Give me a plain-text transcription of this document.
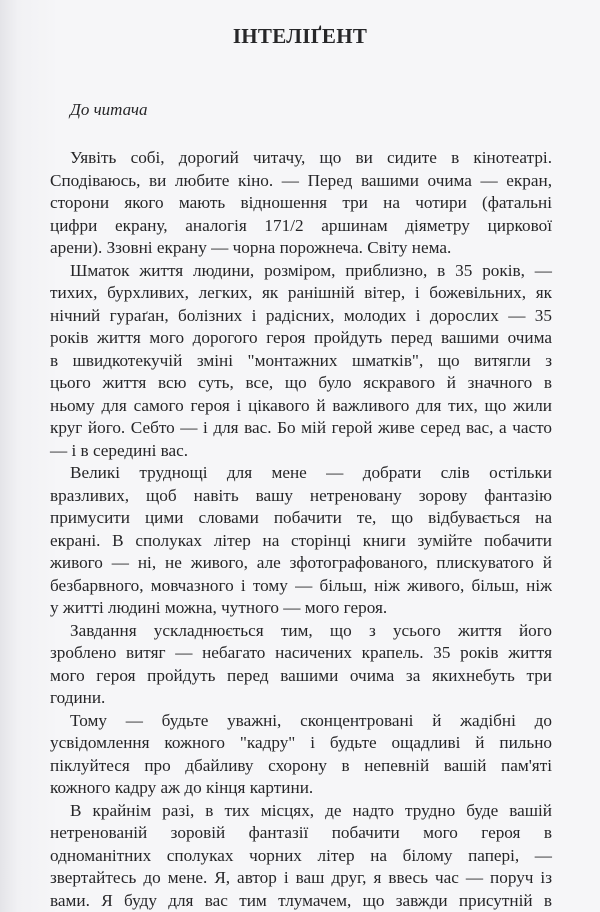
ІНТЕЛІҐЕНТ
До читача
Уявіть собі, дорогий читачу, що ви сидите в кінотеатрі.
Сподіваюсь, ви любите кіно. — Перед вашими очима — екран,
сторони якого мають відношення три на чотири (фатальні
цифри екрану, аналогія 171/2 аршинам діяметру циркової
арени). Ззовні екрану — чорна порожнеча. Світу нема.
Шматок життя людини, розміром, приблизно, в 35 років, —
тихих, бурхливих, легких, як ранішній вітер, і божевільних, як
нічний гураґан, болізних і радісних, молодих і дорослих — 35
років життя мого дорогого героя пройдуть перед вашими очима
в швидкотекучій зміні "монтажних шматків", що витягли з
цього життя всю суть, все, що було яскравого й значного в
ньому для самого героя і цікавого й важливого для тих, що жили
круг його. Себто — і для вас. Бо мій герой живе серед вас, а часто
— і в середині вас.
Великі труднощі для мене — добрати слів остільки
вразливих, щоб навіть вашу нетреновану зорову фантазію
примусити цими словами побачити те, що відбувається на
екрані. В сполуках літер на сторінці книги зумійте побачити
живого — ні, не живого, але зфотографованого, плискуватого й
безбарвного, мовчазного і тому — більш, ніж живого, більш, ніж
у житті людині можна, чутного — мого героя.
Завдання ускладнюється тим, що з усього життя його
зроблено витяг — небагато насичених крапель. 35 років життя
мого героя пройдуть перед вашими очима за якихнебуть три
години.
Тому — будьте уважні, сконцентровані й жадібні до
усвідомлення кожного "кадру" і будьте ощадливі й пильно
піклуйтеся про дбайливу схорону в непевній вашій пам'яті
кожного кадру аж до кінця картини.
В крайнім разі, в тих місцях, де надто трудно буде вашій
нетренованій зоровій фантазії побачити мого героя в
одноманітних сполуках чорних літер на білому папері, —
звертайтесь до мене. Я, автор і ваш друг, я ввесь час — поруч із
вами. Я буду для вас тим тлумачем, що завжди присутній в
